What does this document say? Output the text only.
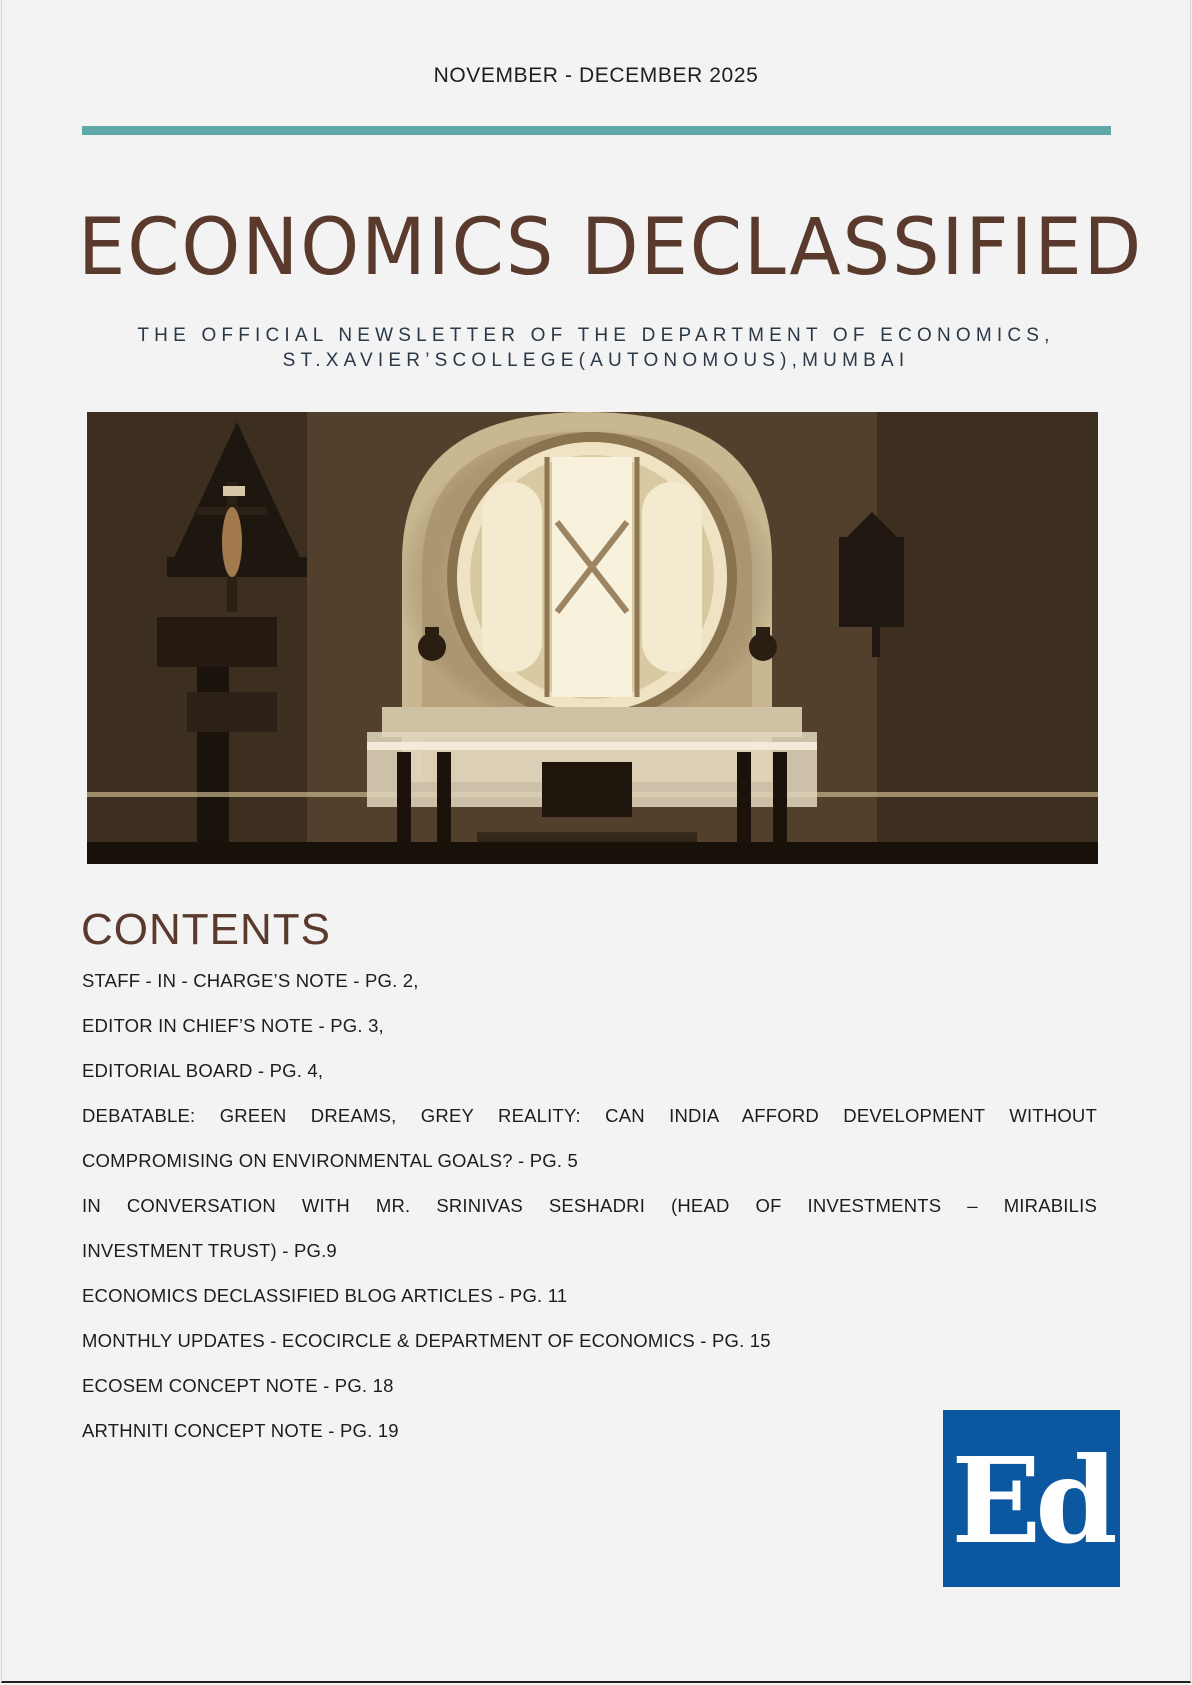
NOVEMBER - DECEMBER 2025
ECONOMICS DECLASSIFIED
THE OFFICIAL NEWSLETTER OF THE DEPARTMENT OF ECONOMICS,
ST.XAVIER’SCOLLEGE(AUTONOMOUS),MUMBAI
CONTENTS
STAFF - IN - CHARGE’S NOTE - PG. 2,
EDITOR IN CHIEF’S NOTE - PG. 3,
EDITORIAL BOARD - PG. 4,
DEBATABLE: GREEN DREAMS, GREY REALITY: CAN INDIA AFFORD DEVELOPMENT WITHOUT
COMPROMISING ON ENVIRONMENTAL GOALS? - PG. 5
IN CONVERSATION WITH MR. SRINIVAS SESHADRI (HEAD OF INVESTMENTS – MIRABILIS
INVESTMENT TRUST) - PG.9
ECONOMICS DECLASSIFIED BLOG ARTICLES - PG. 11
MONTHLY UPDATES - ECOCIRCLE & DEPARTMENT OF ECONOMICS - PG. 15
ECOSEM CONCEPT NOTE - PG. 18
ARTHNITI CONCEPT NOTE - PG. 19	Ed
